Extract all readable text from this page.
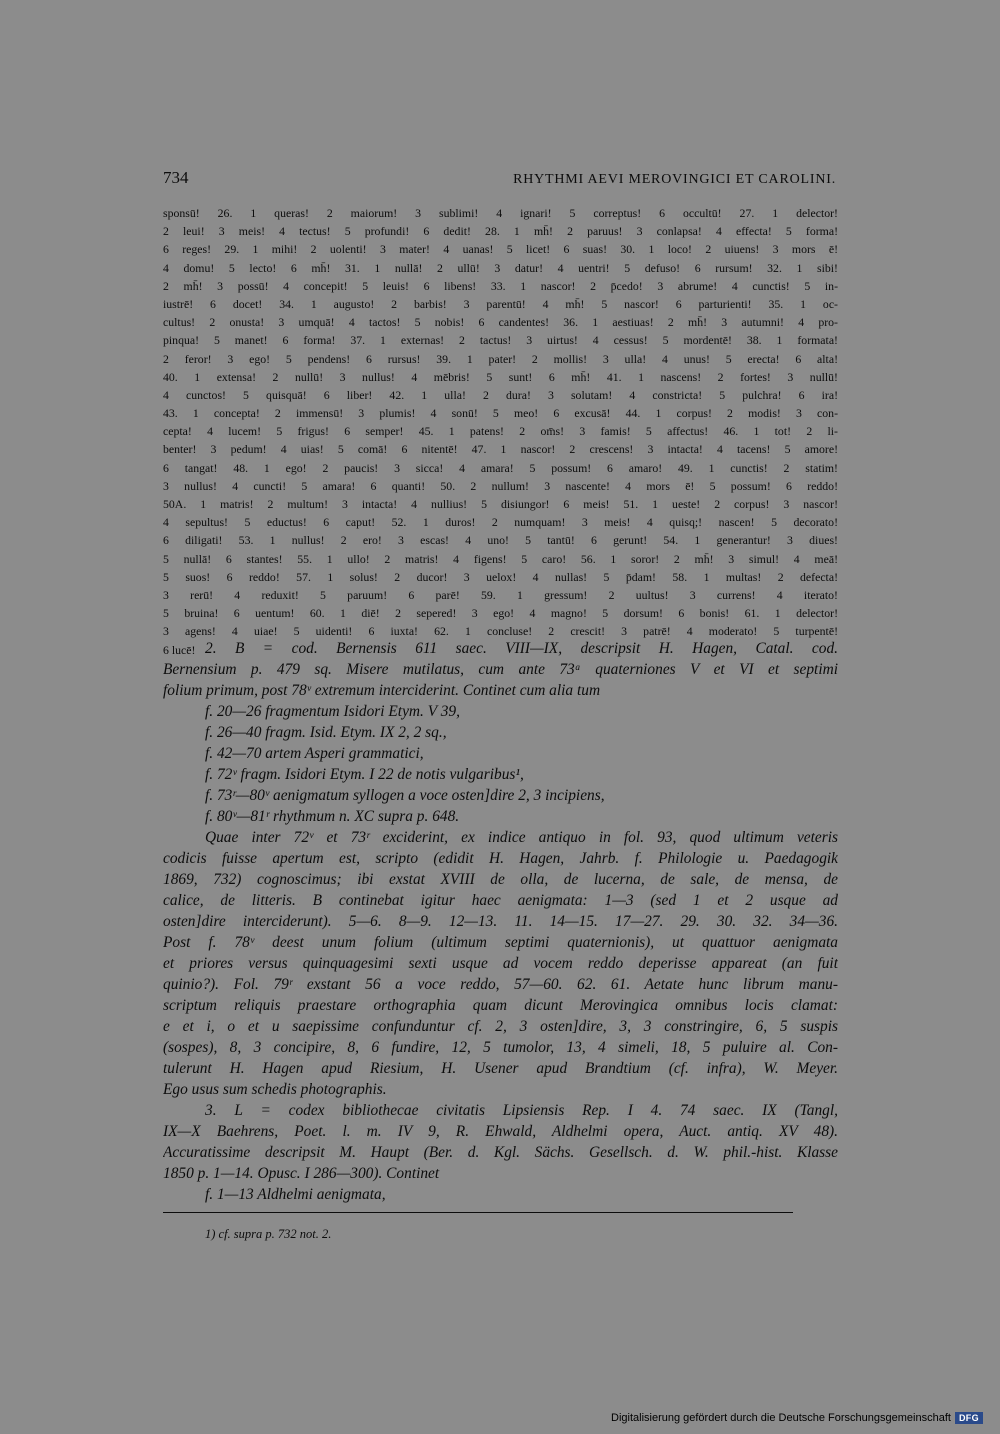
734	RHYTHMI AEVI MEROVINGICI ET CAROLINI.
sponsū! 26. 1 queras! 2 maiorum! 3 sublimi! 4 ignari! 5 correptus! 6 occultū! 27. 1 delector!
2 leui! 3 meis! 4 tectus! 5 profundi! 6 dedit! 28. 1 mh̄! 2 paruus! 3 conlapsa! 4 effecta! 5 forma!
6 reges! 29. 1 mihi! 2 uolenti! 3 mater! 4 uanas! 5 licet! 6 suas! 30. 1 loco! 2 uiuens! 3 mors ē!
4 domu! 5 lecto! 6 mh̄! 31. 1 nullā! 2 ullū! 3 datur! 4 uentri! 5 defuso! 6 rursum! 32. 1 sibi!
2 mh̄! 3 possū! 4 concepit! 5 leuis! 6 libens! 33. 1 nascor! 2 p̄cedo! 3 abrume! 4 cunctis! 5 in-
iustrē! 6 docet! 34. 1 augusto! 2 barbis! 3 parentū! 4 mh̄! 5 nascor! 6 parturienti! 35. 1 oc-
cultus! 2 onusta! 3 umquā! 4 tactos! 5 nobis! 6 candentes! 36. 1 aestiuas! 2 mh̄! 3 autumni! 4 pro-
pinqua! 5 manet! 6 forma! 37. 1 externas! 2 tactus! 3 uirtus! 4 cessus! 5 mordentē! 38. 1 formata!
2 feror! 3 ego! 5 pendens! 6 rursus! 39. 1 pater! 2 mollis! 3 ulla! 4 unus! 5 erecta! 6 alta!
40. 1 extensa! 2 nullū! 3 nullus! 4 mēbris! 5 sunt! 6 mh̄! 41. 1 nascens! 2 fortes! 3 nullū!
4 cunctos! 5 quisquā! 6 liber! 42. 1 ulla! 2 dura! 3 solutam! 4 constricta! 5 pulchra! 6 ira!
43. 1 concepta! 2 immensū! 3 plumis! 4 sonū! 5 meo! 6 excusā! 44. 1 corpus! 2 modis! 3 con-
cepta! 4 lucem! 5 frigus! 6 semper! 45. 1 patens! 2 om̄s! 3 famis! 5 affectus! 46. 1 tot! 2 li-
benter! 3 pedum! 4 uias! 5 comā! 6 nitentē! 47. 1 nascor! 2 crescens! 3 intacta! 4 tacens! 5 amore!
6 tangat! 48. 1 ego! 2 paucis! 3 sicca! 4 amara! 5 possum! 6 amaro! 49. 1 cunctis! 2 statim!
3 nullus! 4 cuncti! 5 amara! 6 quanti! 50. 2 nullum! 3 nascente! 4 mors ē! 5 possum! 6 reddo!
50A. 1 matris! 2 multum! 3 intacta! 4 nullius! 5 disiungor! 6 meis! 51. 1 ueste! 2 corpus! 3 nascor!
4 sepultus! 5 eductus! 6 caput! 52. 1 duros! 2 numquam! 3 meis! 4 quisq;! nascen! 5 decorato!
6 diligati! 53. 1 nullus! 2 ero! 3 escas! 4 uno! 5 tantū! 6 gerunt! 54. 1 generantur! 3 diues!
5 nullā! 6 stantes! 55. 1 ullo! 2 matris! 4 figens! 5 caro! 56. 1 soror! 2 mh̄! 3 simul! 4 meā!
5 suos! 6 reddo! 57. 1 solus! 2 ducor! 3 uelox! 4 nullas! 5 p̄dam! 58. 1 multas! 2 defecta!
3 rerū! 4 reduxit! 5 paruum! 6 parē! 59. 1 gressum! 2 uultus! 3 currens! 4 iterato!
5 bruina! 6 uentum! 60. 1 diē! 2 sepered! 3 ego! 4 magno! 5 dorsum! 6 bonis! 61. 1 delector!
3 agens! 4 uiae! 5 uidenti! 6 iuxta! 62. 1 concluse! 2 crescit! 3 patrē! 4 moderato! 5 turpentē!
6 lucē! 2. B = cod. Bernensis 611 saec. VIII—IX, descripsit H. Hagen, Catal. cod.
Bernensium p. 479 sq. Misere mutilatus, cum ante 73ᵃ quaterniones V et VI et septimi
folium primum, post 78ᵛ extremum interciderint. Continet cum alia tum
f. 20—26 fragmentum Isidori Etym. V 39,
f. 26—40 fragm. Isid. Etym. IX 2, 2 sq.,
f. 42—70 artem Asperi grammatici,
f. 72ᵛ fragm. Isidori Etym. I 22 de notis vulgaribus¹,
f. 73ʳ—80ᵛ aenigmatum syllogen a voce osten]dire 2, 3 incipiens,
f. 80ᵛ—81ʳ rhythmum n. XC supra p. 648.
Quae inter 72ᵛ et 73ʳ exciderint, ex indice antiquo in fol. 93, quod ultimum veteris
codicis fuisse apertum est, scripto (edidit H. Hagen, Jahrb. f. Philologie u. Paedagogik
1869, 732) cognoscimus; ibi exstat XVIII de olla, de lucerna, de sale, de mensa, de
calice, de litteris. B continebat igitur haec aenigmata: 1—3 (sed 1 et 2 usque ad
osten]dire interciderunt). 5—6. 8—9. 12—13. 11. 14—15. 17—27. 29. 30. 32. 34—36.
Post f. 78ᵛ deest unum folium (ultimum septimi quaternionis), ut quattuor aenigmata
et priores versus quinquagesimi sexti usque ad vocem reddo deperisse appareat (an fuit
quinio?). Fol. 79ʳ exstant 56 a voce reddo, 57—60. 62. 61. Aetate hunc librum manu-
scriptum reliquis praestare orthographia quam dicunt Merovingica omnibus locis clamat:
e et i, o et u saepissime confunduntur cf. 2, 3 osten]dire, 3, 3 constringire, 6, 5 suspis
(sospes), 8, 3 concipire, 8, 6 fundire, 12, 5 tumolor, 13, 4 simeli, 18, 5 puluire al. Con-
tulerunt H. Hagen apud Riesium, H. Usener apud Brandtium (cf. infra), W. Meyer.
Ego usus sum schedis photographis.
3. L = codex bibliothecae civitatis Lipsiensis Rep. I 4. 74 saec. IX (Tangl,
IX—X Baehrens, Poet. l. m. IV 9, R. Ehwald, Aldhelmi opera, Auct. antiq. XV 48).
Accuratissime descripsit M. Haupt (Ber. d. Kgl. Sächs. Gesellsch. d. W. phil.-hist. Klasse
1850 p. 1—14. Opusc. I 286—300). Continet
f. 1—13 Aldhelmi aenigmata,
1) cf. supra p. 732 not. 2.
Digitalisierung gefördert durch die Deutsche Forschungsgemeinschaft DFG
